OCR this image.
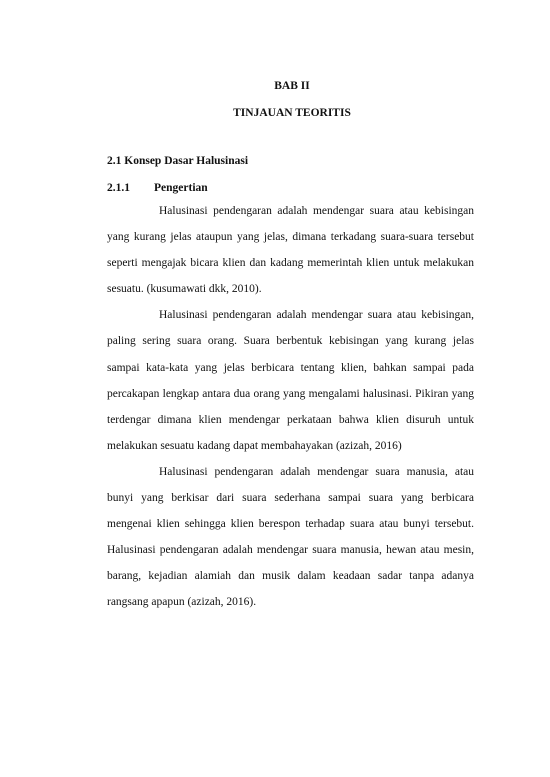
BAB II
TINJAUAN TEORITIS
2.1 Konsep Dasar Halusinasi
2.1.1 Pengertian

Halusinasi pendengaran adalah mendengar suara atau kebisingan yang kurang jelas ataupun yang jelas, dimana terkadang suara-suara tersebut seperti mengajak bicara klien dan kadang memerintah klien untuk melakukan sesuatu. (kusumawati dkk, 2010).

Halusinasi pendengaran adalah mendengar suara atau kebisingan, paling sering suara orang. Suara berbentuk kebisingan yang kurang jelas sampai kata-kata yang jelas berbicara tentang klien, bahkan sampai pada percakapan lengkap antara dua orang yang mengalami halusinasi. Pikiran yang terdengar dimana klien mendengar perkataan bahwa klien disuruh untuk melakukan sesuatu kadang dapat membahayakan (azizah, 2016)

Halusinasi pendengaran adalah mendengar suara manusia, atau bunyi yang berkisar dari suara sederhana sampai suara yang berbicara mengenai klien sehingga klien berespon terhadap suara atau bunyi tersebut. Halusinasi pendengaran adalah mendengar suara manusia, hewan atau mesin, barang, kejadian alamiah dan musik dalam keadaan sadar tanpa adanya rangsang apapun (azizah, 2016).
